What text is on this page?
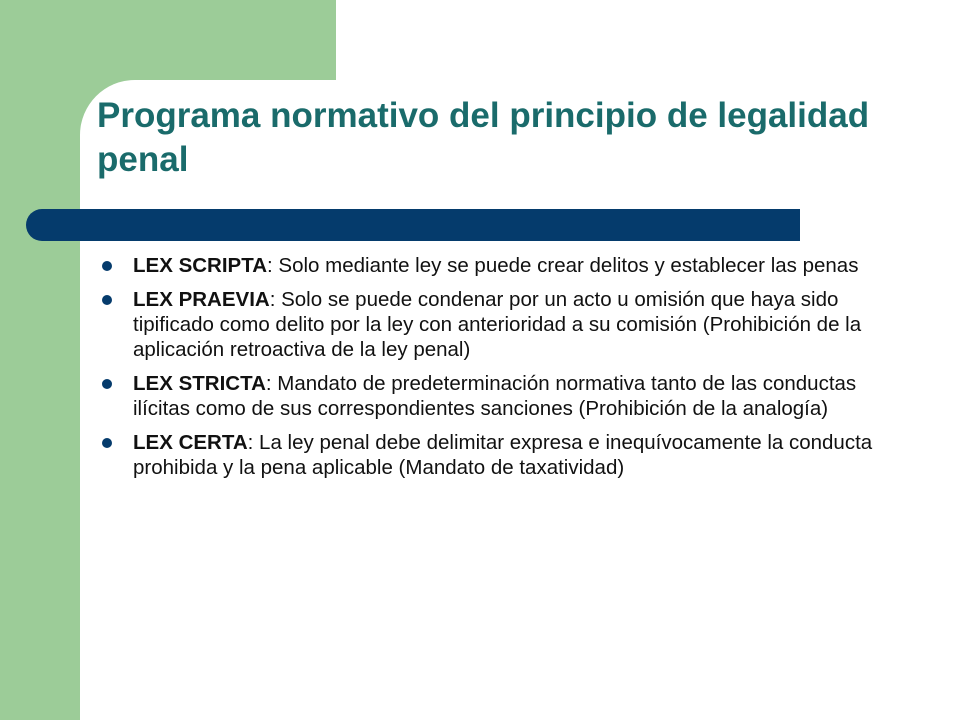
Programa normativo del principio de legalidad penal
LEX SCRIPTA: Solo mediante ley se puede crear delitos y establecer las penas
LEX PRAEVIA: Solo se puede condenar por un acto u omisión que haya sido tipificado como delito por la ley con anterioridad a su comisión (Prohibición de la aplicación retroactiva de la ley penal)
LEX STRICTA: Mandato de predeterminación normativa tanto de las conductas ilícitas como de sus correspondientes sanciones (Prohibición de la analogía)
LEX CERTA: La ley penal debe delimitar expresa e inequívocamente la conducta prohibida y la pena aplicable (Mandato de taxatividad)
